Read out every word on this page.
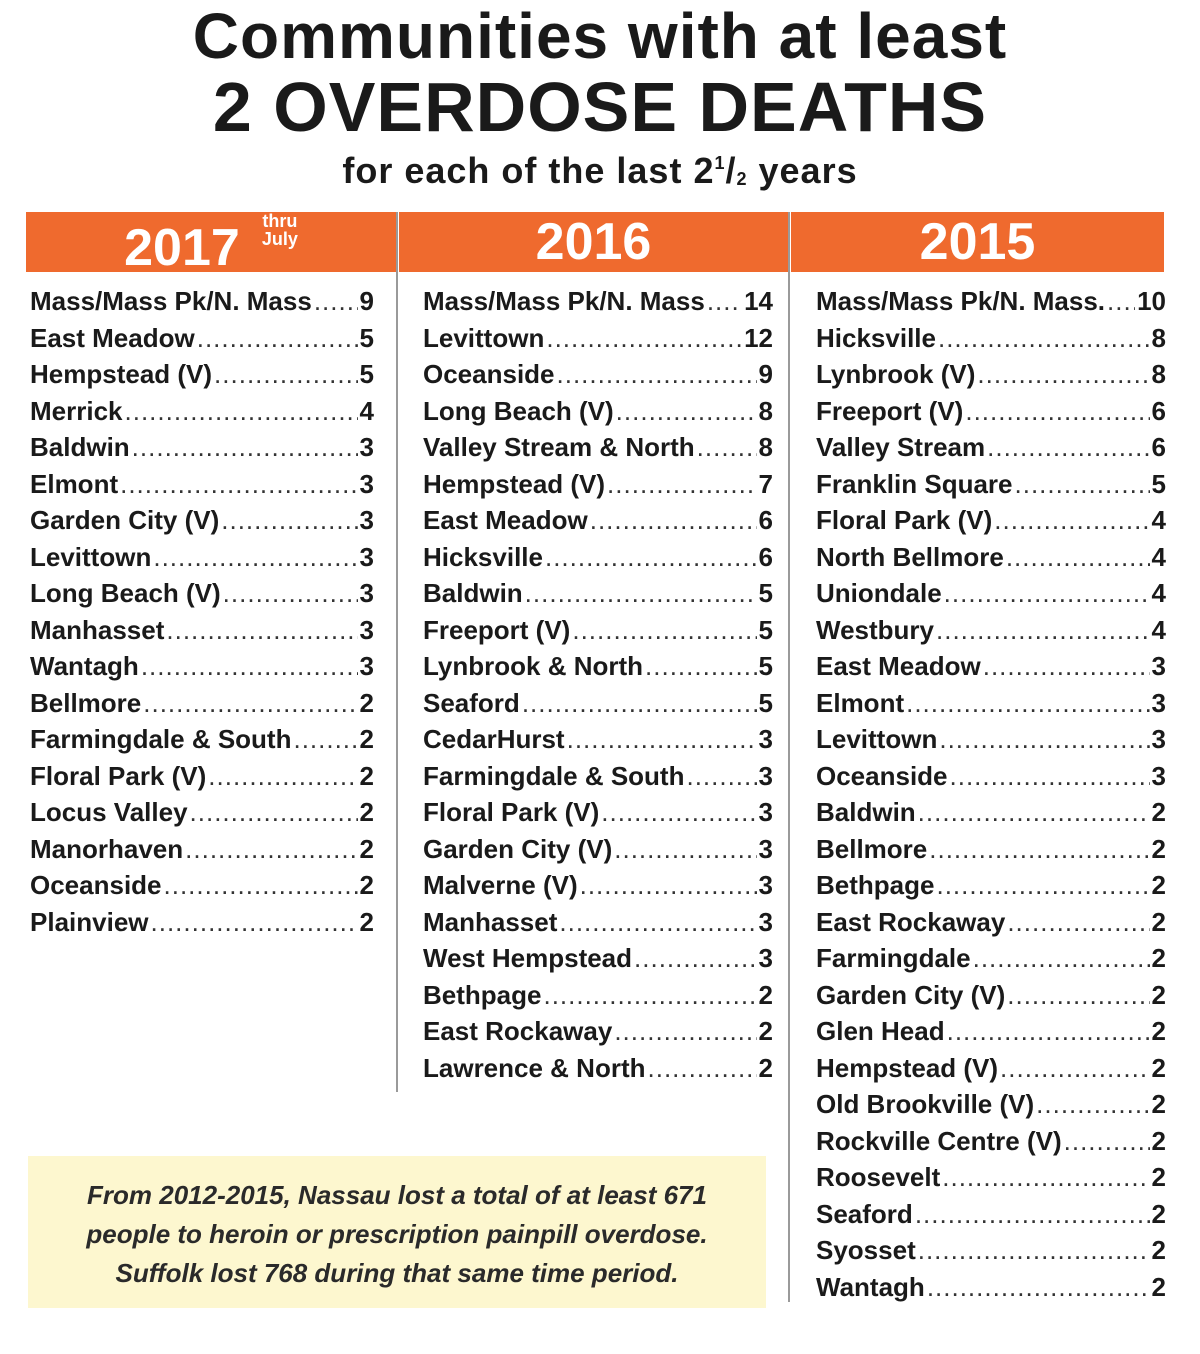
Communities with at least
2 OVERDOSE DEATHS
for each of the last $2^1/_2$ years
2017 thru
July	2016	2015
Mass/Mass Pk/N. Mass ..... 9
East Meadow .....	5
Hempstead (V) .....	5
Merrick .....	4
Baldwin .....	3
Elmont .....	3
Garden City (V) .....	3
Levittown .....	3
Long Beach (V) .....	3
Manhasset .....	3
Wantagh .....	3
Bellmore .....	2
Farmingdale & South .....	2
Floral Park (V) .....	2
Locus Valley .....	2
Manorhaven .....	2
Oceanside .....	2
Plainview .....	2
Mass/Mass Pk/N. Mass ..... 14
Levittown .....	12
Oceanside .....	9
Long Beach (V) .....	8
Valley Stream & North ..... 8
Hempstead (V) .....	7
East Meadow .....	6
Hicksville .....	6
Baldwin .....	5
Freeport (V) .....	5
Lynbrook & North .....	5
Seaford .....	5
CedarHurst .....	3
Farmingdale & South .....	3
Floral Park (V) .....	3
Garden City (V) .....	3
Malverne (V) .....	3
Manhasset .....	3
West Hempstead .....	3
Bethpage .....	2
East Rockaway .....	2
Lawrence & North .....	2
Mass/Mass Pk/N. Mass. ..... 10
Hicksville .....	8
Lynbrook (V) .....	8
Freeport (V) .....	6
Valley Stream .....	6
Franklin Square .....	5
Floral Park (V) .....	4
North Bellmore .....	4
Uniondale .....	4
Westbury .....	4
East Meadow .....	3
Elmont .....	3
Levittown .....	3
Oceanside .....	3
Baldwin .....	2
Bellmore .....	2
Bethpage .....	2
East Rockaway .....	2
Farmingdale .....	2
Garden City (V) .....	2
Glen Head .....	2
Hempstead (V) .....	2
Old Brookville (V) .....	2
Rockville Centre (V) .....	2
Roosevelt .....	2
Seaford .....	2
Syosset .....	2
Wantagh .....	2

From 2012-2015, Nassau lost a total of at least 671
people to heroin or prescription painpill overdose.
Suffolk lost 768 during that same time period.
